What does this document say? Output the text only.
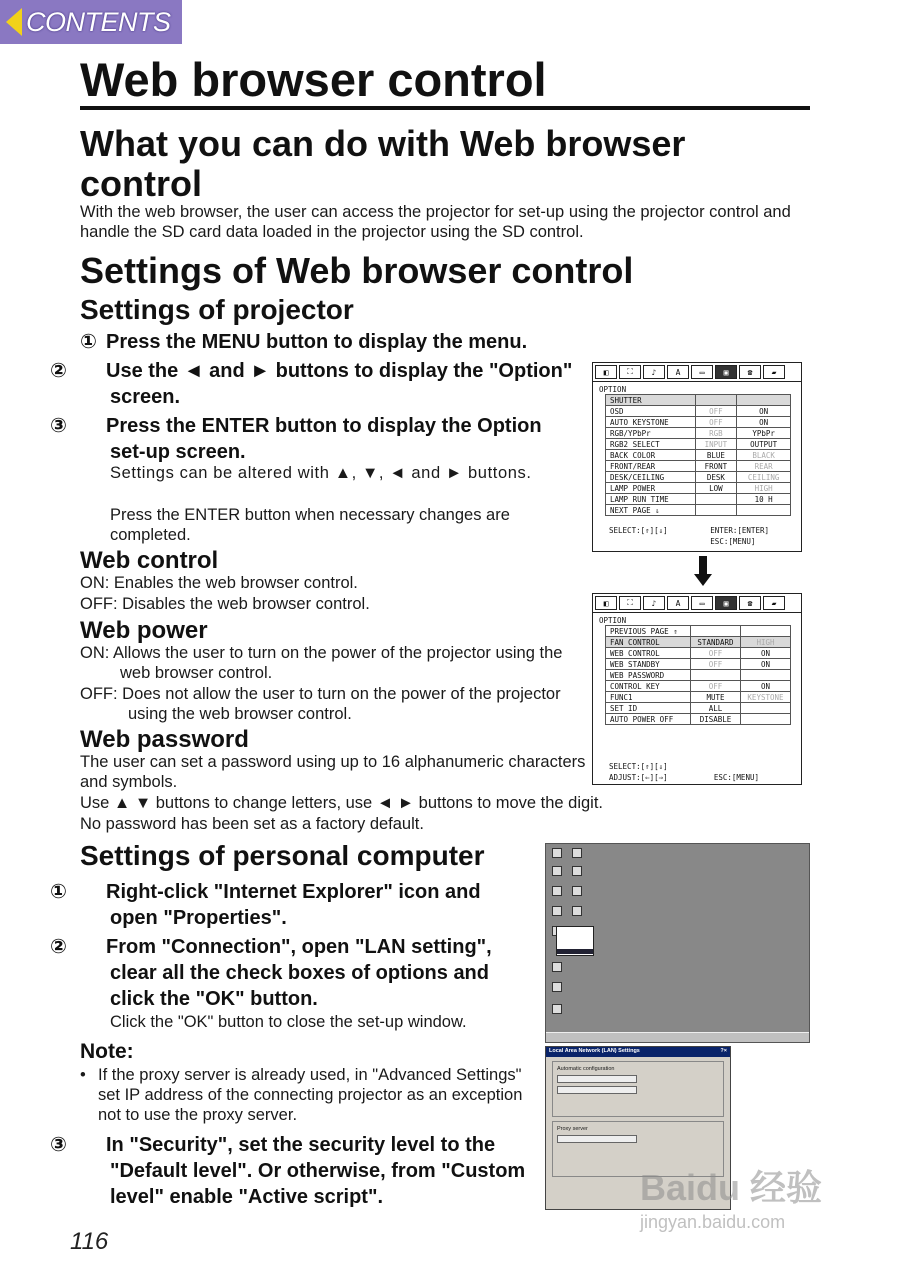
CONTENTS
Web browser control
What you can do with Web browser control
With the web browser, the user can access the projector for set-up using the projector control and handle the SD card data loaded in the projector using the SD control.
Settings of Web browser control
Settings of projector
① Press the MENU button to display the menu.
② Use the ◄ and ► buttons to display the "Option" screen.
③ Press the ENTER button to display the Option set-up screen.
Settings can be altered with ▲, ▼, ◄ and ► buttons.
Press the ENTER button when necessary changes are completed.
Web control
ON: Enables the web browser control.
OFF: Disables the web browser control.
Web power
ON: Allows the user to turn on the power of the projector using the web browser control.
OFF: Does not allow the user to turn on the power of the projector using the web browser control.
Web password
The user can set a password using up to 16 alphanumeric characters and symbols.
Use ▲ ▼ buttons to change letters, use ◄ ► buttons to move the digit.
No password has been set as a factory default.
◧	⛶	♪	A	▭	▣	☎	▰
OPTION
SHUTTER		
OSD	OFF	ON
AUTO KEYSTONE	OFF	ON
RGB/YPbPr	RGB	YPbPr
RGB2 SELECT	INPUT	OUTPUT
BACK COLOR	BLUE	BLACK
FRONT/REAR	FRONT	REAR
DESK/CEILING	DESK	CEILING
LAMP POWER	LOW	HIGH
LAMP RUN TIME		10 H
NEXT PAGE ⇓		
SELECT:[⇑][⇓]	ENTER:[ENTER]
ESC:[MENU]
◧	⛶	♪	A	▭	▣	☎	▰
OPTION
PREVIOUS PAGE ⇑		
FAN CONTROL	STANDARD	HIGH
WEB CONTROL	OFF	ON
WEB STANDBY	OFF	ON
WEB PASSWORD		
CONTROL KEY	OFF	ON
FUNC1	MUTE	KEYSTONE
SET ID	ALL	
AUTO POWER OFF	DISABLE	
SELECT:[⇑][⇓]
ADJUST:[⇐][⇒]	ESC:[MENU]
Settings of personal computer
① Right-click "Internet Explorer" icon and open "Properties".
② From "Connection", open "LAN setting", clear all the check boxes of options and click the "OK" button.
Click the "OK" button to close the set-up window.
Note:
• If the proxy server is already used, in "Advanced Settings" set IP address of the connecting projector as an exception not to use the proxy server.
③ In "Security", set the security level to the "Default level". Or otherwise, from "Custom level" enable "Active script".
Local Area Network (LAN) Settings	?×
Automatic configuration
Proxy server
Baidu 经验
jingyan.baidu.com
116
